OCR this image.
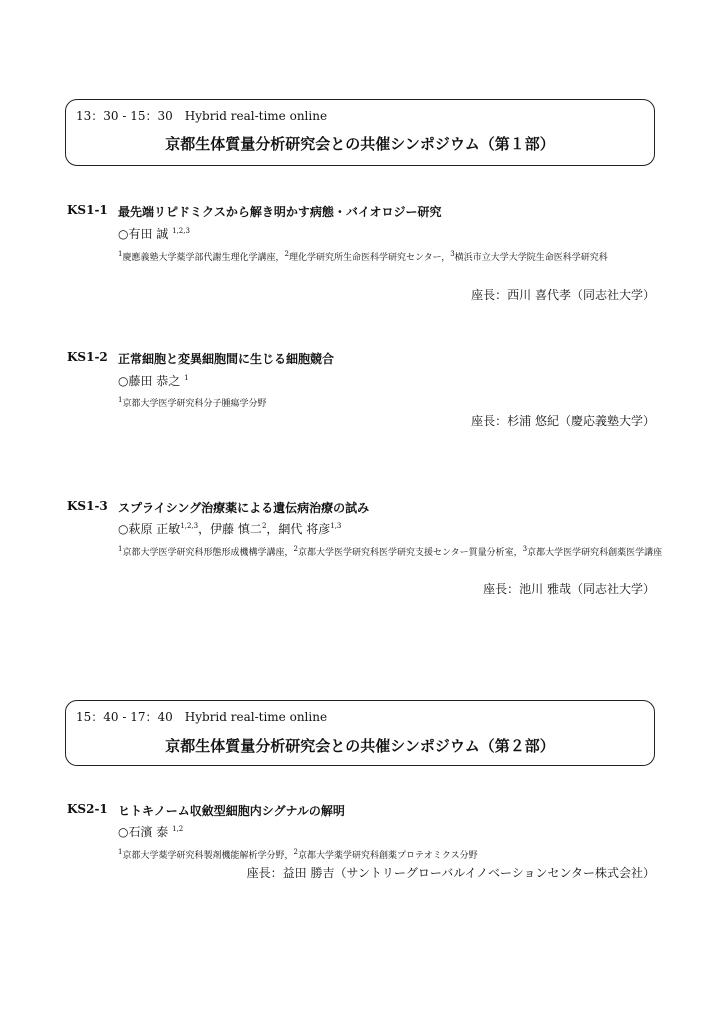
13：30 - 15：30　Hybrid real-time online
京都生体質量分析研究会との共催シンポジウム（第１部）
KS1-1 最先端リピドミクスから解き明かす病態・バイオロジー研究
○有田 誠 $^{1,2,3}$
$^1$慶應義塾大学薬学部代謝生理化学講座，$^2$理化学研究所生命医科学研究センター，$^3$横浜市立大学大学院生命医科学研究科
座長：西川 喜代孝（同志社大学）
KS1-2 正常細胞と変異細胞間に生じる細胞競合
○藤田 恭之 $^1$
$^1$京都大学医学研究科分子腫瘍学分野
座長：杉浦 悠紀（慶応義塾大学）
KS1-3 スプライシング治療薬による遺伝病治療の試み
○萩原 正敏$^{1,2,3}$，伊藤 慎二$^2$，網代 将彦$^{1,3}$
$^1$京都大学医学研究科形態形成機構学講座，$^2$京都大学医学研究科医学研究支援センター質量分析室，$^3$京都大学医学研究科創薬医学講座
座長：池川 雅哉（同志社大学）
15：40 - 17：40　Hybrid real-time online
京都生体質量分析研究会との共催シンポジウム（第２部）
KS2-1 ヒトキノーム収斂型細胞内シグナルの解明
○石濱 泰 $^{1,2}$
$^1$京都大学薬学研究科製剤機能解析学分野，$^2$京都大学薬学研究科創薬プロテオミクス分野
座長：益田 勝吉（サントリーグローバルイノベーションセンター株式会社）
